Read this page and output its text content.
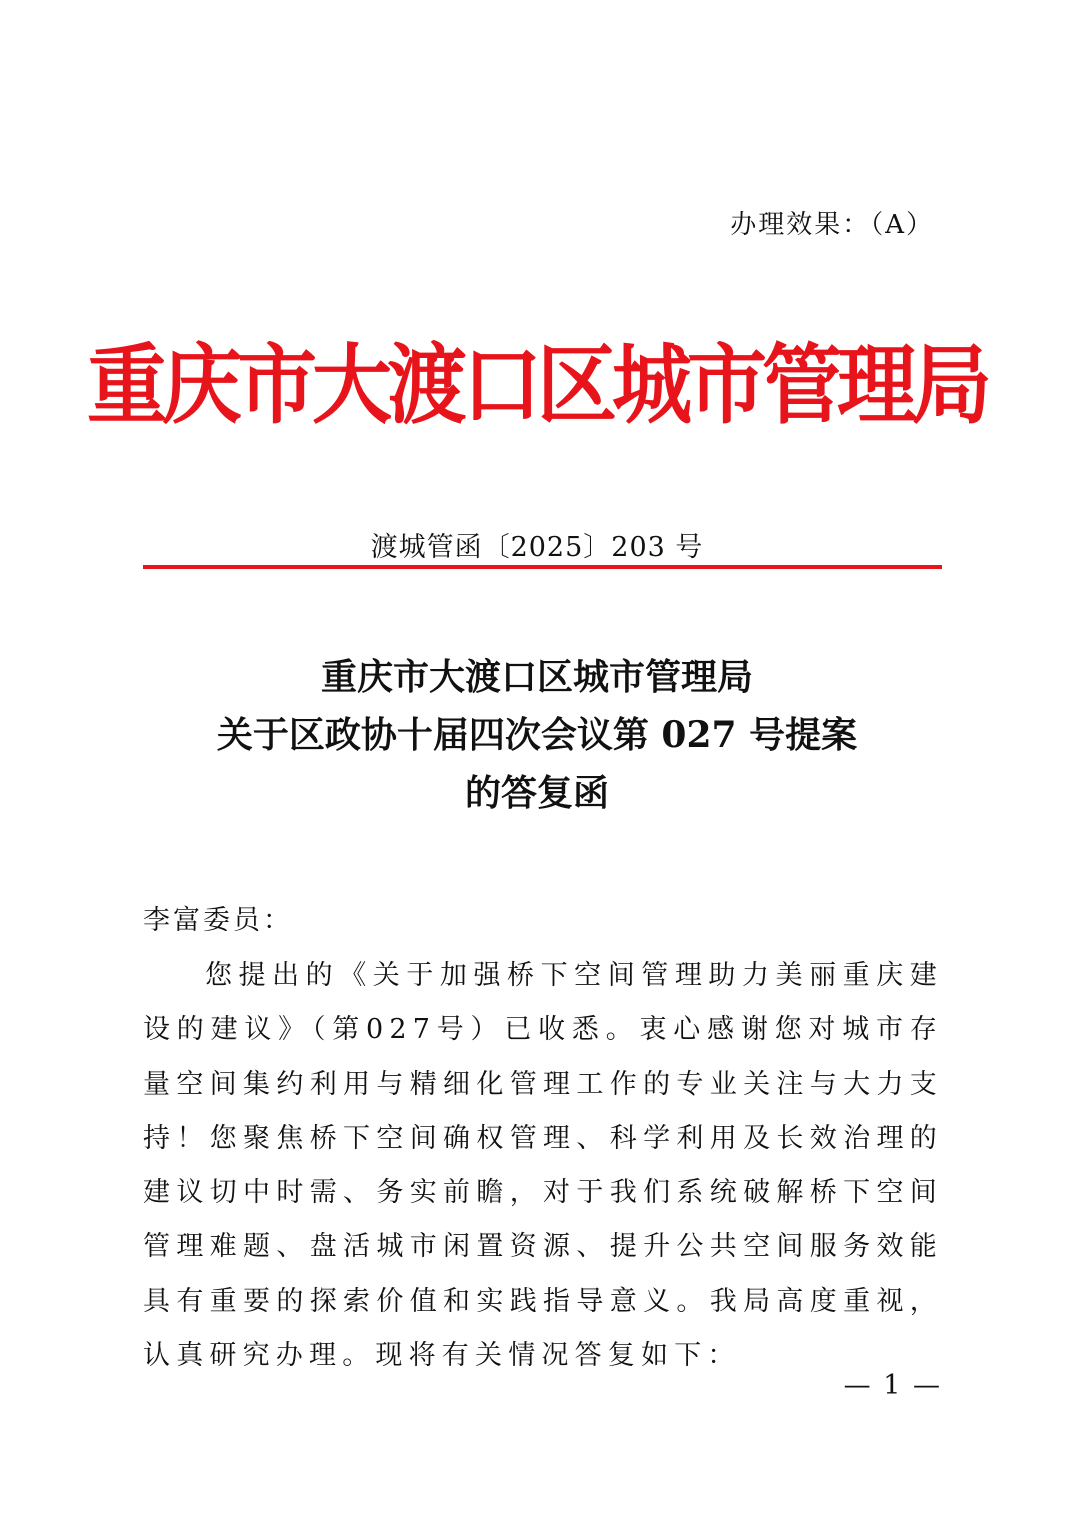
办理效果：（A）
重庆市大渡口区城市管理局
渡城管函〔2025〕203 号
重庆市大渡口区城市管理局
关于区政协十届四次会议第 027 号提案
的答复函
李富委员：

您提出的《关于加强桥下空间管理助力美丽重庆建设的建议》（第027号）已收悉。衷心感谢您对城市存量空间集约利用与精细化管理工作的专业关注与大力支持！您聚焦桥下空间确权管理、科学利用及长效治理的建议切中时需、务实前瞻，对于我们系统破解桥下空间管理难题、盘活城市闲置资源、提升公共空间服务效能具有重要的探索价值和实践指导意义。我局高度重视，认真研究办理。现将有关情况答复如下：

— 1 —
